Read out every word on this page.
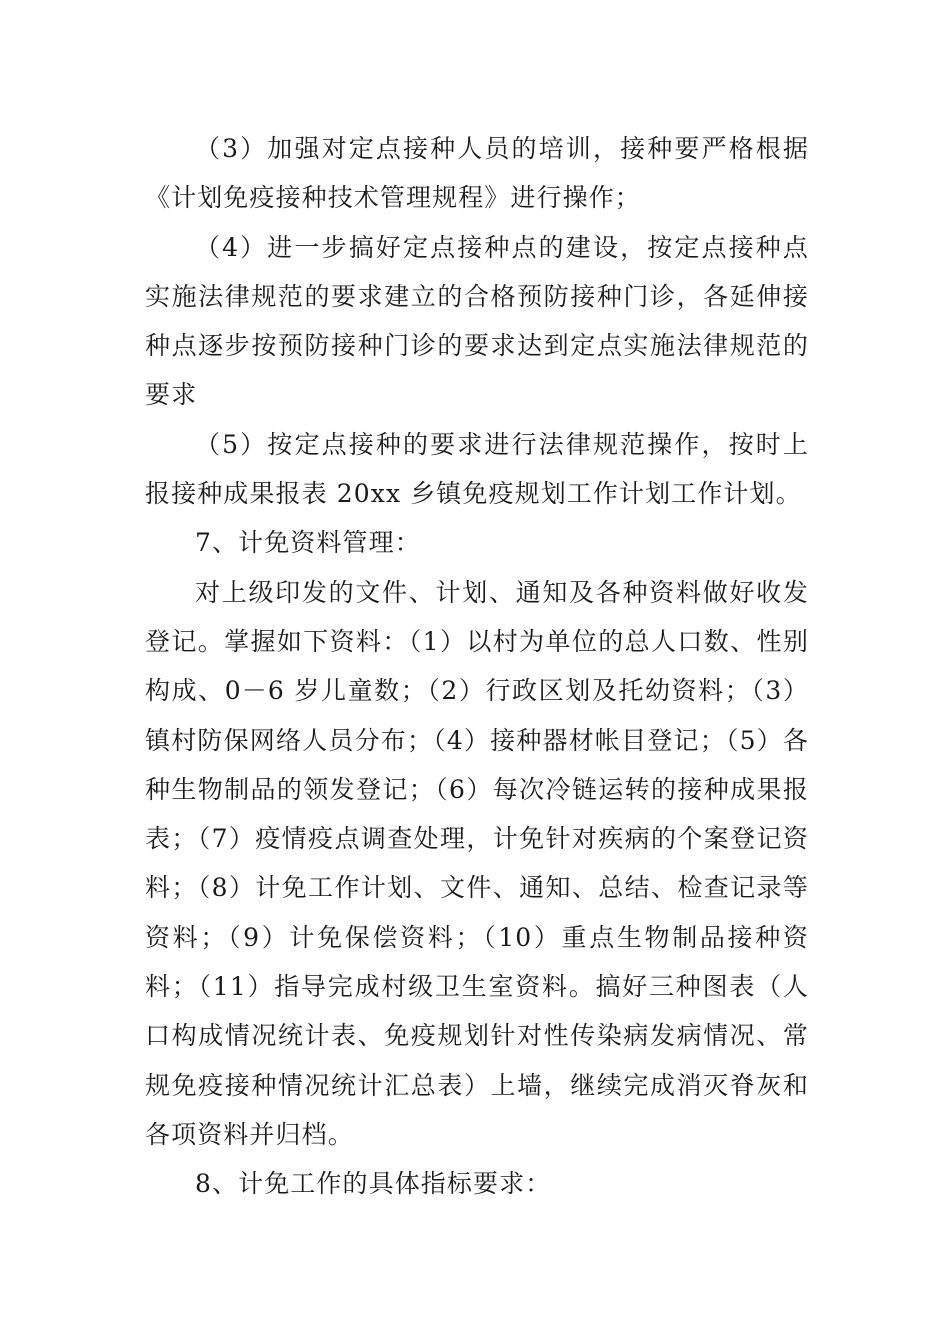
（3）加强对定点接种人员的培训，接种要严格根据《计划免疫接种技术管理规程》进行操作；

（4）进一步搞好定点接种点的建设，按定点接种点实施法律规范的要求建立的合格预防接种门诊，各延伸接种点逐步按预防接种门诊的要求达到定点实施法律规范的要求

（5）按定点接种的要求进行法律规范操作，按时上报接种成果报表 20xx 乡镇免疫规划工作计划工作计划。

7、计免资料管理：

对上级印发的文件、计划、通知及各种资料做好收发登记。掌握如下资料：（1）以村为单位的总人口数、性别构成、0－6 岁儿童数；（2）行政区划及托幼资料；（3）镇村防保网络人员分布；（4）接种器材帐目登记；（5）各种生物制品的领发登记；（6）每次冷链运转的接种成果报表；（7）疫情疫点调查处理，计免针对疾病的个案登记资料；（8）计免工作计划、文件、通知、总结、检查记录等资料；（9）计免保偿资料；（10）重点生物制品接种资料；（11）指导完成村级卫生室资料。搞好三种图表（人口构成情况统计表、免疫规划针对性传染病发病情况、常规免疫接种情况统计汇总表）上墙，继续完成消灭脊灰和各项资料并归档。

8、计免工作的具体指标要求：
